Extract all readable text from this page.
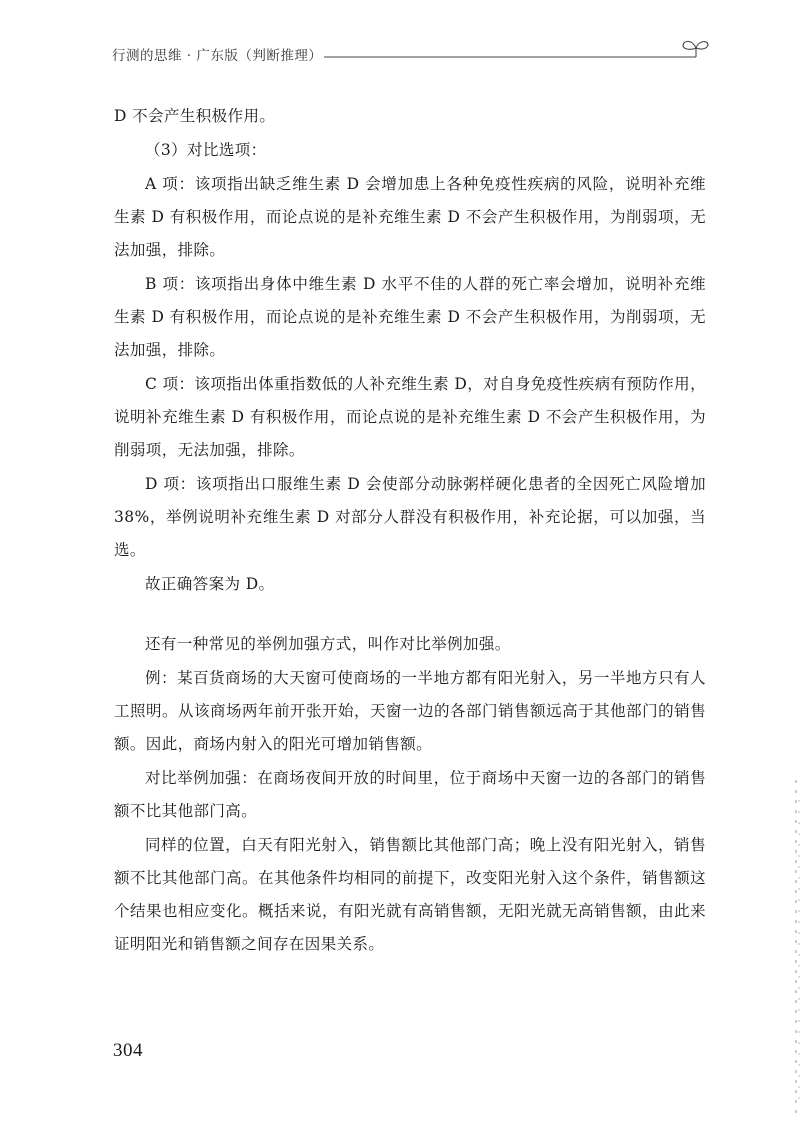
行测的思维 · 广东版（判断推理）

D 不会产生积极作用。

（3）对比选项：

A 项：该项指出缺乏维生素 D 会增加患上各种免疫性疾病的风险，说明补充维生素 D 有积极作用，而论点说的是补充维生素 D 不会产生积极作用，为削弱项，无法加强，排除。

B 项：该项指出身体中维生素 D 水平不佳的人群的死亡率会增加，说明补充维生素 D 有积极作用，而论点说的是补充维生素 D 不会产生积极作用，为削弱项，无法加强，排除。

C 项：该项指出体重指数低的人补充维生素 D，对自身免疫性疾病有预防作用，说明补充维生素 D 有积极作用，而论点说的是补充维生素 D 不会产生积极作用，为削弱项，无法加强，排除。

D 项：该项指出口服维生素 D 会使部分动脉粥样硬化患者的全因死亡风险增加 38%，举例说明补充维生素 D 对部分人群没有积极作用，补充论据，可以加强，当选。

故正确答案为 D。

还有一种常见的举例加强方式，叫作对比举例加强。

例：某百货商场的大天窗可使商场的一半地方都有阳光射入，另一半地方只有人工照明。从该商场两年前开张开始，天窗一边的各部门销售额远高于其他部门的销售额。因此，商场内射入的阳光可增加销售额。

对比举例加强：在商场夜间开放的时间里，位于商场中天窗一边的各部门的销售额不比其他部门高。

同样的位置，白天有阳光射入，销售额比其他部门高；晚上没有阳光射入，销售额不比其他部门高。在其他条件均相同的前提下，改变阳光射入这个条件，销售额这个结果也相应变化。概括来说，有阳光就有高销售额，无阳光就无高销售额，由此来证明阳光和销售额之间存在因果关系。

304
